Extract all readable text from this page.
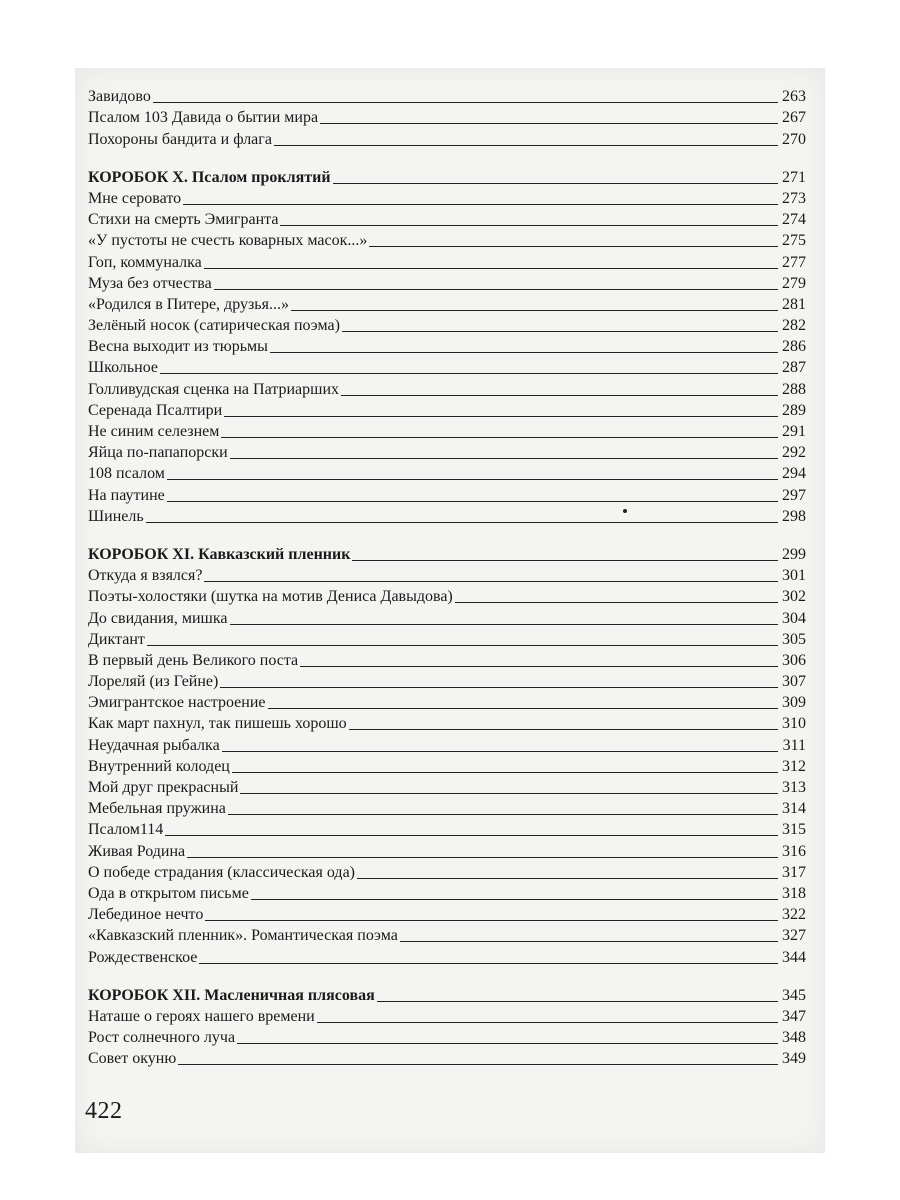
Завидово	263
Псалом 103 Давида о бытии мира	267
Похороны бандита и флага	270
КОРОБОК X. Псалом проклятий	271
Мне серовато	273
Стихи на смерть Эмигранта	274
«У пустоты не счесть коварных масок...»	275
Гоп, коммуналка	277
Муза без отчества	279
«Родился в Питере, друзья...»	281
Зелёный носок (сатирическая поэма)	282
Весна выходит из тюрьмы	286
Школьное	287
Голливудская сценка на Патриарших	288
Серенада Псалтири	289
Не синим селезнем	291
Яйца по-папапорски	292
108 псалом	294
На паутине	297
Шинель	298
КОРОБОК XI. Кавказский пленник	299
Откуда я взялся?	301
Поэты-холостяки (шутка на мотив Дениса Давыдова)	302
До свидания, мишка	304
Диктант	305
В первый день Великого поста	306
Лореляй (из Гейне)	307
Эмигрантское настроение	309
Как март пахнул, так пишешь хорошо	310
Неудачная рыбалка	311
Внутренний колодец	312
Мой друг прекрасный	313
Мебельная пружина	314
Псалом114	315
Живая Родина	316
О победе страдания (классическая ода)	317
Ода в открытом письме	318
Лебединое нечто	322
«Кавказский пленник». Романтическая поэма	327
Рождественское	344
КОРОБОК XII. Масленичная плясовая	345
Наташе о героях нашего времени	347
Рост солнечного луча	348
Совет окуню	349
422
